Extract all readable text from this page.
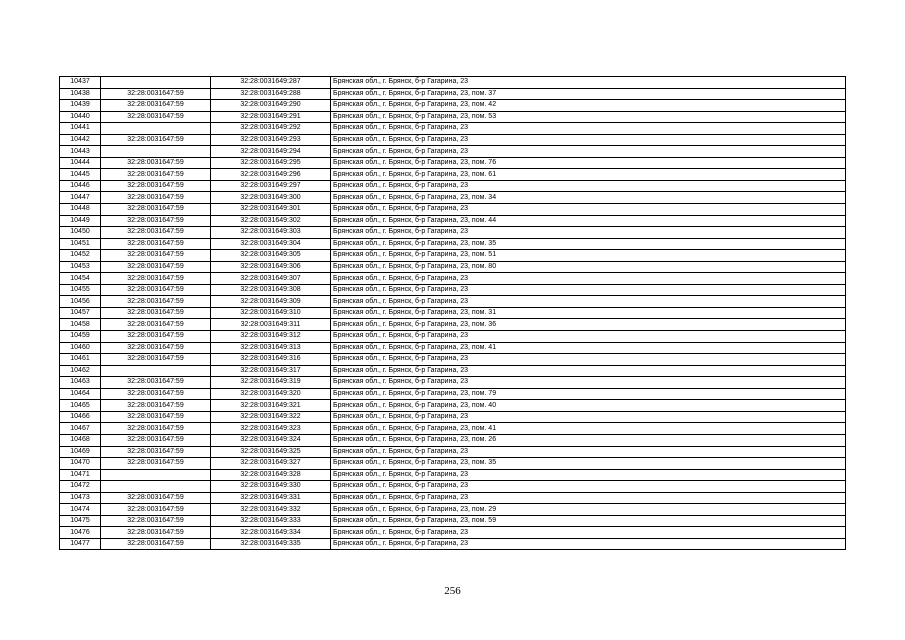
10437		32:28:0031649:287	Брянская обл., г. Брянск, б-р Гагарина, 23
10438	32:28:0031647:59	32:28:0031649:288	Брянская обл., г. Брянск, б-р Гагарина, 23, пом. 37
10439	32:28:0031647:59	32:28:0031649:290	Брянская обл., г. Брянск, б-р Гагарина, 23, пом. 42
10440	32:28:0031647:59	32:28:0031649:291	Брянская обл., г. Брянск, б-р Гагарина, 23, пом. 53
10441		32:28:0031649:292	Брянская обл., г. Брянск, б-р Гагарина, 23
10442	32:28:0031647:59	32:28:0031649:293	Брянская обл., г. Брянск, б-р Гагарина, 23
10443		32:28:0031649:294	Брянская обл., г. Брянск, б-р Гагарина, 23
10444	32:28:0031647:59	32:28:0031649:295	Брянская обл., г. Брянск, б-р Гагарина, 23, пом. 76
10445	32:28:0031647:59	32:28:0031649:296	Брянская обл., г. Брянск, б-р Гагарина, 23, пом. 61
10446	32:28:0031647:59	32:28:0031649:297	Брянская обл., г. Брянск, б-р Гагарина, 23
10447	32:28:0031647:59	32:28:0031649:300	Брянская обл., г. Брянск, б-р Гагарина, 23, пом. 34
10448	32:28:0031647:59	32:28:0031649:301	Брянская обл., г. Брянск, б-р Гагарина, 23
10449	32:28:0031647:59	32:28:0031649:302	Брянская обл., г. Брянск, б-р Гагарина, 23, пом. 44
10450	32:28:0031647:59	32:28:0031649:303	Брянская обл., г. Брянск, б-р Гагарина, 23
10451	32:28:0031647:59	32:28:0031649:304	Брянская обл., г. Брянск, б-р Гагарина, 23, пом. 35
10452	32:28:0031647:59	32:28:0031649:305	Брянская обл., г. Брянск, б-р Гагарина, 23, пом. 51
10453	32:28:0031647:59	32:28:0031649:306	Брянская обл., г. Брянск, б-р Гагарина, 23, пом. 80
10454	32:28:0031647:59	32:28:0031649:307	Брянская обл., г. Брянск, б-р Гагарина, 23
10455	32:28:0031647:59	32:28:0031649:308	Брянская обл., г. Брянск, б-р Гагарина, 23
10456	32:28:0031647:59	32:28:0031649:309	Брянская обл., г. Брянск, б-р Гагарина, 23
10457	32:28:0031647:59	32:28:0031649:310	Брянская обл., г. Брянск, б-р Гагарина, 23, пом. 31
10458	32:28:0031647:59	32:28:0031649:311	Брянская обл., г. Брянск, б-р Гагарина, 23, пом. 36
10459	32:28:0031647:59	32:28:0031649:312	Брянская обл., г. Брянск, б-р Гагарина, 23
10460	32:28:0031647:59	32:28:0031649:313	Брянская обл., г. Брянск, б-р Гагарина, 23, пом. 41
10461	32:28:0031647:59	32:28:0031649:316	Брянская обл., г. Брянск, б-р Гагарина, 23
10462		32:28:0031649:317	Брянская обл., г. Брянск, б-р Гагарина, 23
10463	32:28:0031647:59	32:28:0031649:319	Брянская обл., г. Брянск, б-р Гагарина, 23
10464	32:28:0031647:59	32:28:0031649:320	Брянская обл., г. Брянск, б-р Гагарина, 23, пом. 79
10465	32:28:0031647:59	32:28:0031649:321	Брянская обл., г. Брянск, б-р Гагарина, 23, пом. 40
10466	32:28:0031647:59	32:28:0031649:322	Брянская обл., г. Брянск, б-р Гагарина, 23
10467	32:28:0031647:59	32:28:0031649:323	Брянская обл., г. Брянск, б-р Гагарина, 23, пом. 41
10468	32:28:0031647:59	32:28:0031649:324	Брянская обл., г. Брянск, б-р Гагарина, 23, пом. 26
10469	32:28:0031647:59	32:28:0031649:325	Брянская обл., г. Брянск, б-р Гагарина, 23
10470	32:28:0031647:59	32:28:0031649:327	Брянская обл., г. Брянск, б-р Гагарина, 23, пом. 35
10471		32:28:0031649:328	Брянская обл., г. Брянск, б-р Гагарина, 23
10472		32:28:0031649:330	Брянская обл., г. Брянск, б-р Гагарина, 23
10473	32:28:0031647:59	32:28:0031649:331	Брянская обл., г. Брянск, б-р Гагарина, 23
10474	32:28:0031647:59	32:28:0031649:332	Брянская обл., г. Брянск, б-р Гагарина, 23, пом. 29
10475	32:28:0031647:59	32:28:0031649:333	Брянская обл., г. Брянск, б-р Гагарина, 23, пом. 59
10476	32:28:0031647:59	32:28:0031649:334	Брянская обл., г. Брянск, б-р Гагарина, 23
10477	32:28:0031647:59	32:28:0031649:335	Брянская обл., г. Брянск, б-р Гагарина, 23
256
